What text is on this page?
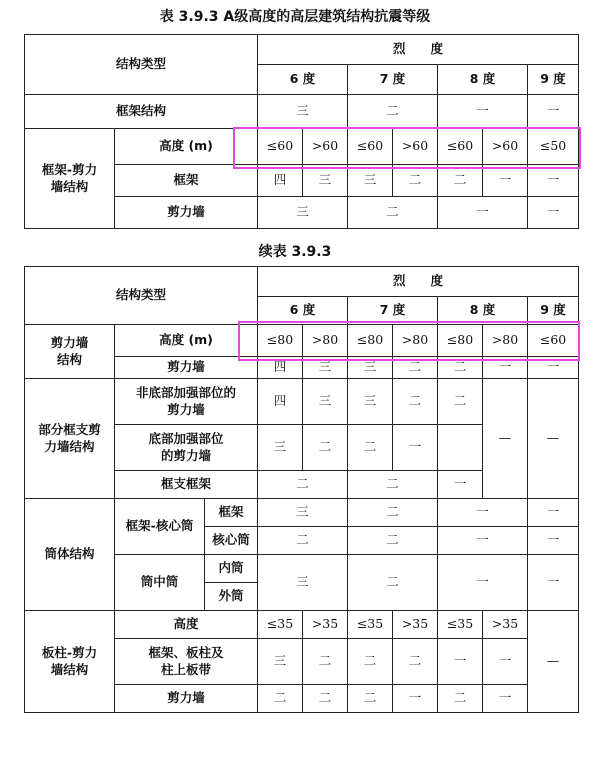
表 3.9.3 A级高度的高层建筑结构抗震等级
结构类型		烈　　度						
		6 度		7 度		8 度		9 度
框架结构		三		二		一		一
框架-剪力
墙结构	高度 (m)	≤60	>60	≤60	>60	≤60	>60	≤50
	框架	四	三	三	二	二	一	一
	剪力墙	三		二		一		一
续表 3.9.3
结构类型			烈　　度						
			6 度		7 度		8 度		9 度
剪力墙
结构	高度 (m)		≤80	>80	≤80	>80	≤80	>80	≤60
	剪力墙		四	三	三	二	二	一	一
部分框支剪
力墙结构	非底部加强部位的
剪力墙		四	三	三	二	二	—	—
	底部加强部位
的剪力墙		三	二	二	一			
	框支框架		二		二		一		
筒体结构	框架-核心筒	框架	三		二		一		一
		核心筒	二		二		一		一
	筒中筒	内筒	三		二		一		一
		外筒							
板柱-剪力
墙结构	高度		≤35	>35	≤35	>35	≤35	>35	—
	框架、板柱及
柱上板带		三	二	二	二	一	一	
	剪力墙		二	二	二	一	二	一	
